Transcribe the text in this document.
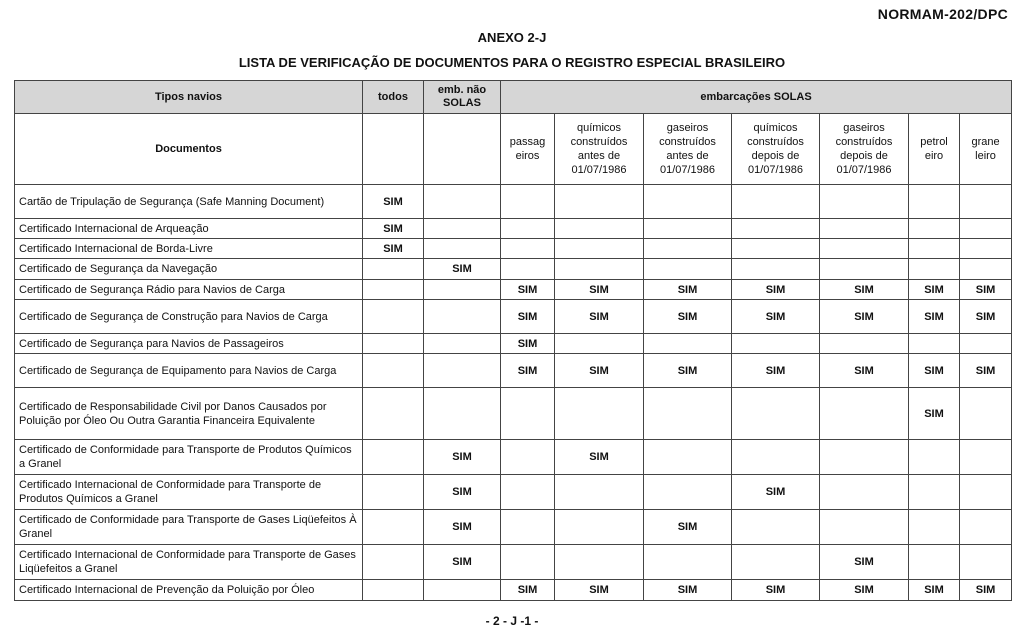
NORMAM-202/DPC
ANEXO 2-J
LISTA DE VERIFICAÇÃO DE DOCUMENTOS PARA O REGISTRO ESPECIAL BRASILEIRO
Tipos navios	todos	emb. não SOLAS	embarcações SOLAS						
Documentos			passag eiros	químicos construídos antes de 01/07/1986	gaseiros construídos antes de 01/07/1986	químicos construídos depois de 01/07/1986	gaseiros construídos depois de 01/07/1986	petrol eiro	grane leiro
Cartão de Tripulação de Segurança (Safe Manning Document)	SIM								
Certificado Internacional de Arqueação	SIM								
Certificado Internacional de Borda-Livre	SIM								
Certificado de Segurança da Navegação		SIM							
Certificado de Segurança Rádio para Navios de Carga			SIM	SIM	SIM	SIM	SIM	SIM	SIM
Certificado de Segurança de Construção para Navios de Carga			SIM	SIM	SIM	SIM	SIM	SIM	SIM
Certificado de Segurança para Navios de Passageiros			SIM						
Certificado de Segurança de Equipamento para Navios de Carga			SIM	SIM	SIM	SIM	SIM	SIM	SIM
Certificado de Responsabilidade Civil por Danos Causados por Poluição por Óleo Ou Outra Garantia Financeira Equivalente								SIM	
Certificado de Conformidade para Transporte de Produtos Químicos a Granel		SIM		SIM					
Certificado Internacional de Conformidade para Transporte de Produtos Químicos a Granel		SIM				SIM			
Certificado de Conformidade para Transporte de Gases Liqüefeitos À Granel		SIM			SIM				
Certificado Internacional de Conformidade para Transporte de Gases Liqüefeitos a Granel		SIM					SIM		
Certificado Internacional de Prevenção da Poluição por Óleo			SIM	SIM	SIM	SIM	SIM	SIM	SIM
- 2 - J -1 -
